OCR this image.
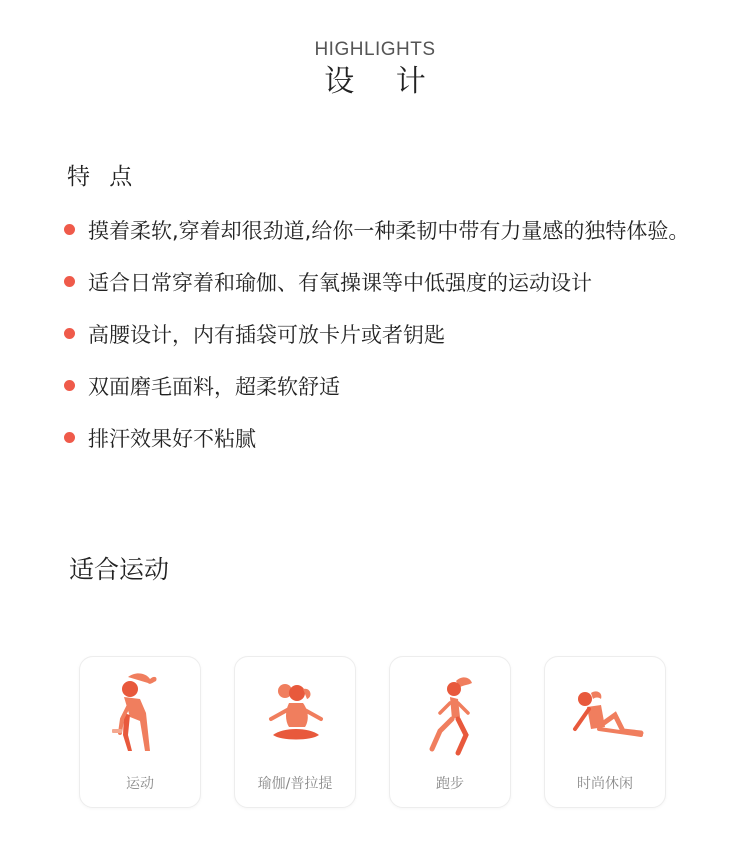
HIGHLIGHTS
设 计
特 点
摸着柔软,穿着却很劲道,给你一种柔韧中带有力量感的独特体验。
适合日常穿着和瑜伽、有氧操课等中低强度的运动设计
高腰设计，内有插袋可放卡片或者钥匙
双面磨毛面料，超柔软舒适
排汗效果好不粘腻
适合运动
运动	瑜伽/普拉提	跑步	时尚休闲
